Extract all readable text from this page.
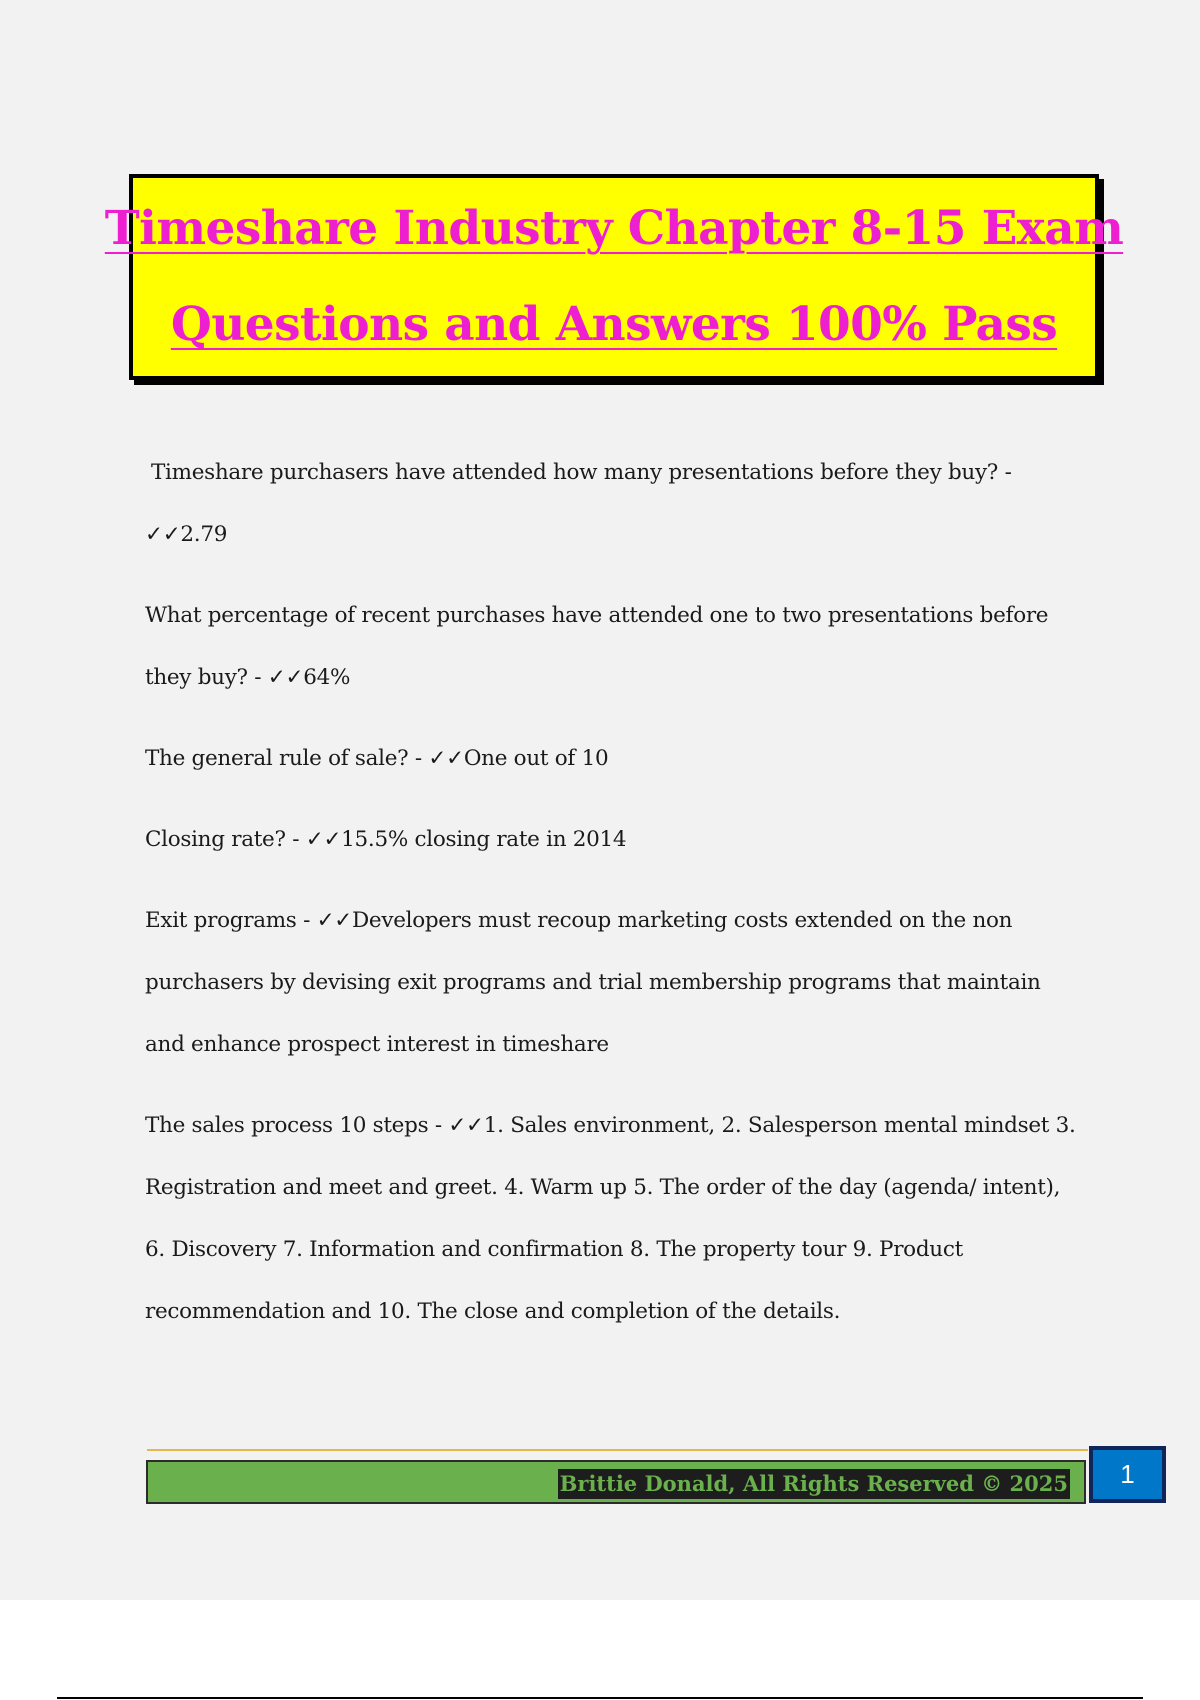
Timeshare Industry Chapter 8-15 Exam
Questions and Answers 100% Pass
Timeshare purchasers have attended how many presentations before they buy? -
✓✓2.79
What percentage of recent purchases have attended one to two presentations before
they buy? - ✓✓64%
The general rule of sale? - ✓✓One out of 10
Closing rate? - ✓✓15.5% closing rate in 2014
Exit programs - ✓✓Developers must recoup marketing costs extended on the non
purchasers by devising exit programs and trial membership programs that maintain
and enhance prospect interest in timeshare
The sales process 10 steps - ✓✓1. Sales environment, 2. Salesperson mental mindset 3.
Registration and meet and greet. 4. Warm up 5. The order of the day (agenda/ intent),
6. Discovery 7. Information and confirmation 8. The property tour 9. Product
recommendation and 10. The close and completion of the details.
Brittie Donald, All Rights Reserved © 2025 1
